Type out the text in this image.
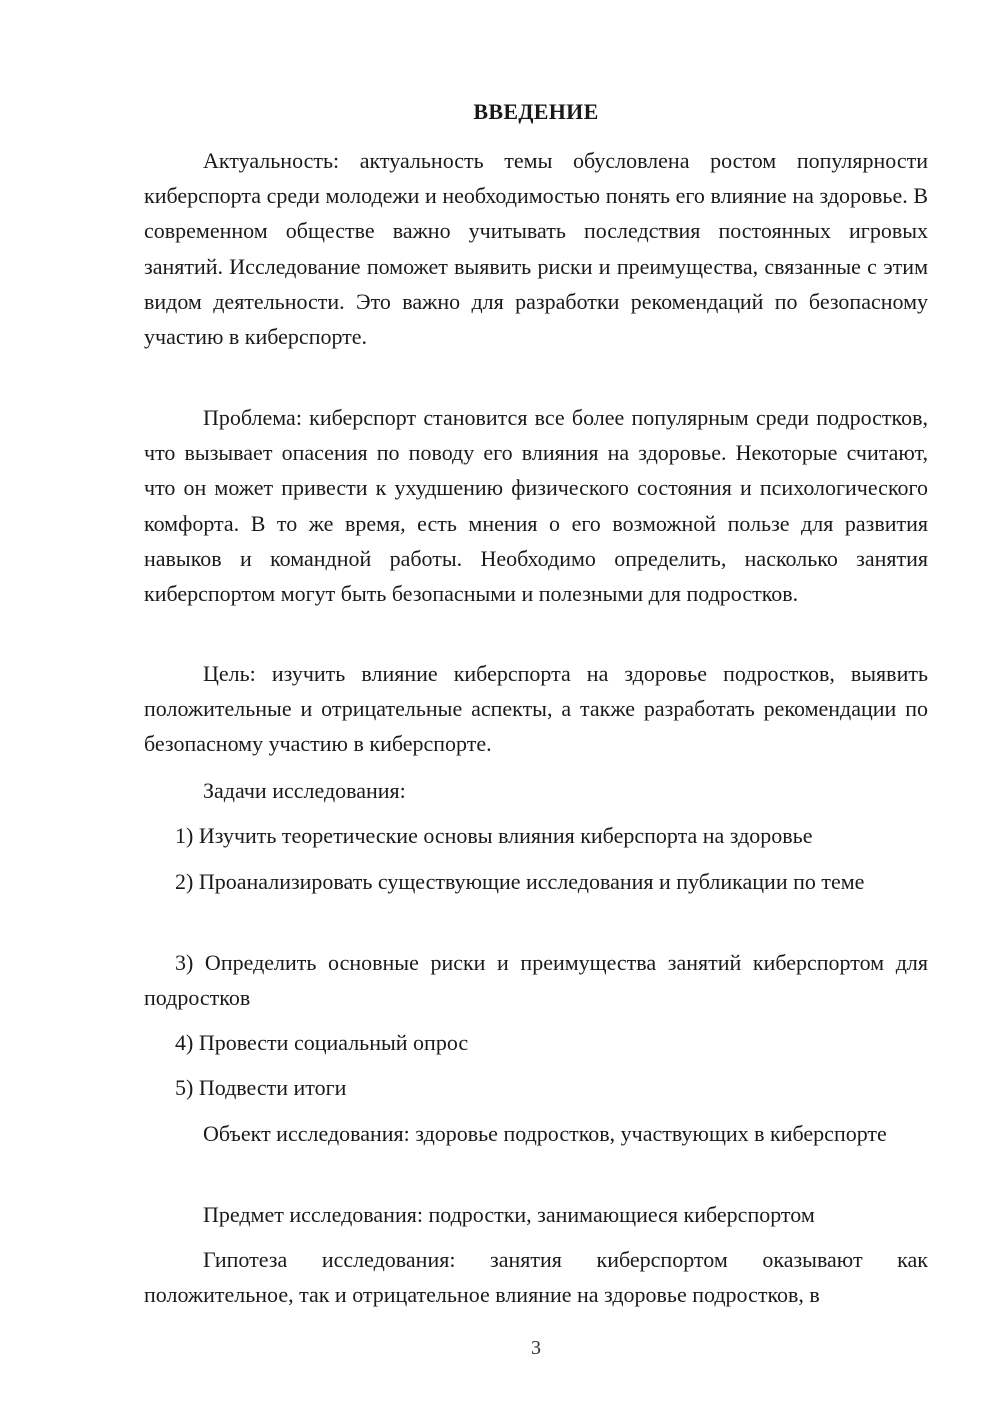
ВВЕДЕНИЕ

Актуальность: актуальность темы обусловлена ростом популярности киберспорта среди молодежи и необходимостью понять его влияние на здоровье. В современном обществе важно учитывать последствия постоянных игровых занятий. Исследование поможет выявить риски и преимущества, связанные с этим видом деятельности. Это важно для разработки рекомендаций по безопасному участию в киберспорте.

Проблема: киберспорт становится все более популярным среди подростков, что вызывает опасения по поводу его влияния на здоровье. Некоторые считают, что он может привести к ухудшению физического состояния и психологического комфорта. В то же время, есть мнения о его возможной пользе для развития навыков и командной работы. Необходимо определить, насколько занятия киберспортом могут быть безопасными и полезными для подростков.

Цель: изучить влияние киберспорта на здоровье подростков, выявить положительные и отрицательные аспекты, а также разработать рекомендации по безопасному участию в киберспорте.

Задачи исследования:

1) Изучить теоретические основы влияния киберспорта на здоровье

2) Проанализировать существующие исследования и публикации по теме

3) Определить основные риски и преимущества занятий киберспортом для подростков

4) Провести социальный опрос

5) Подвести итоги

Объект исследования: здоровье подростков, участвующих в киберспорте

Предмет исследования: подростки, занимающиеся киберспортом

Гипотеза исследования: занятия киберспортом оказывают как положительное, так и отрицательное влияние на здоровье подростков, в

3
